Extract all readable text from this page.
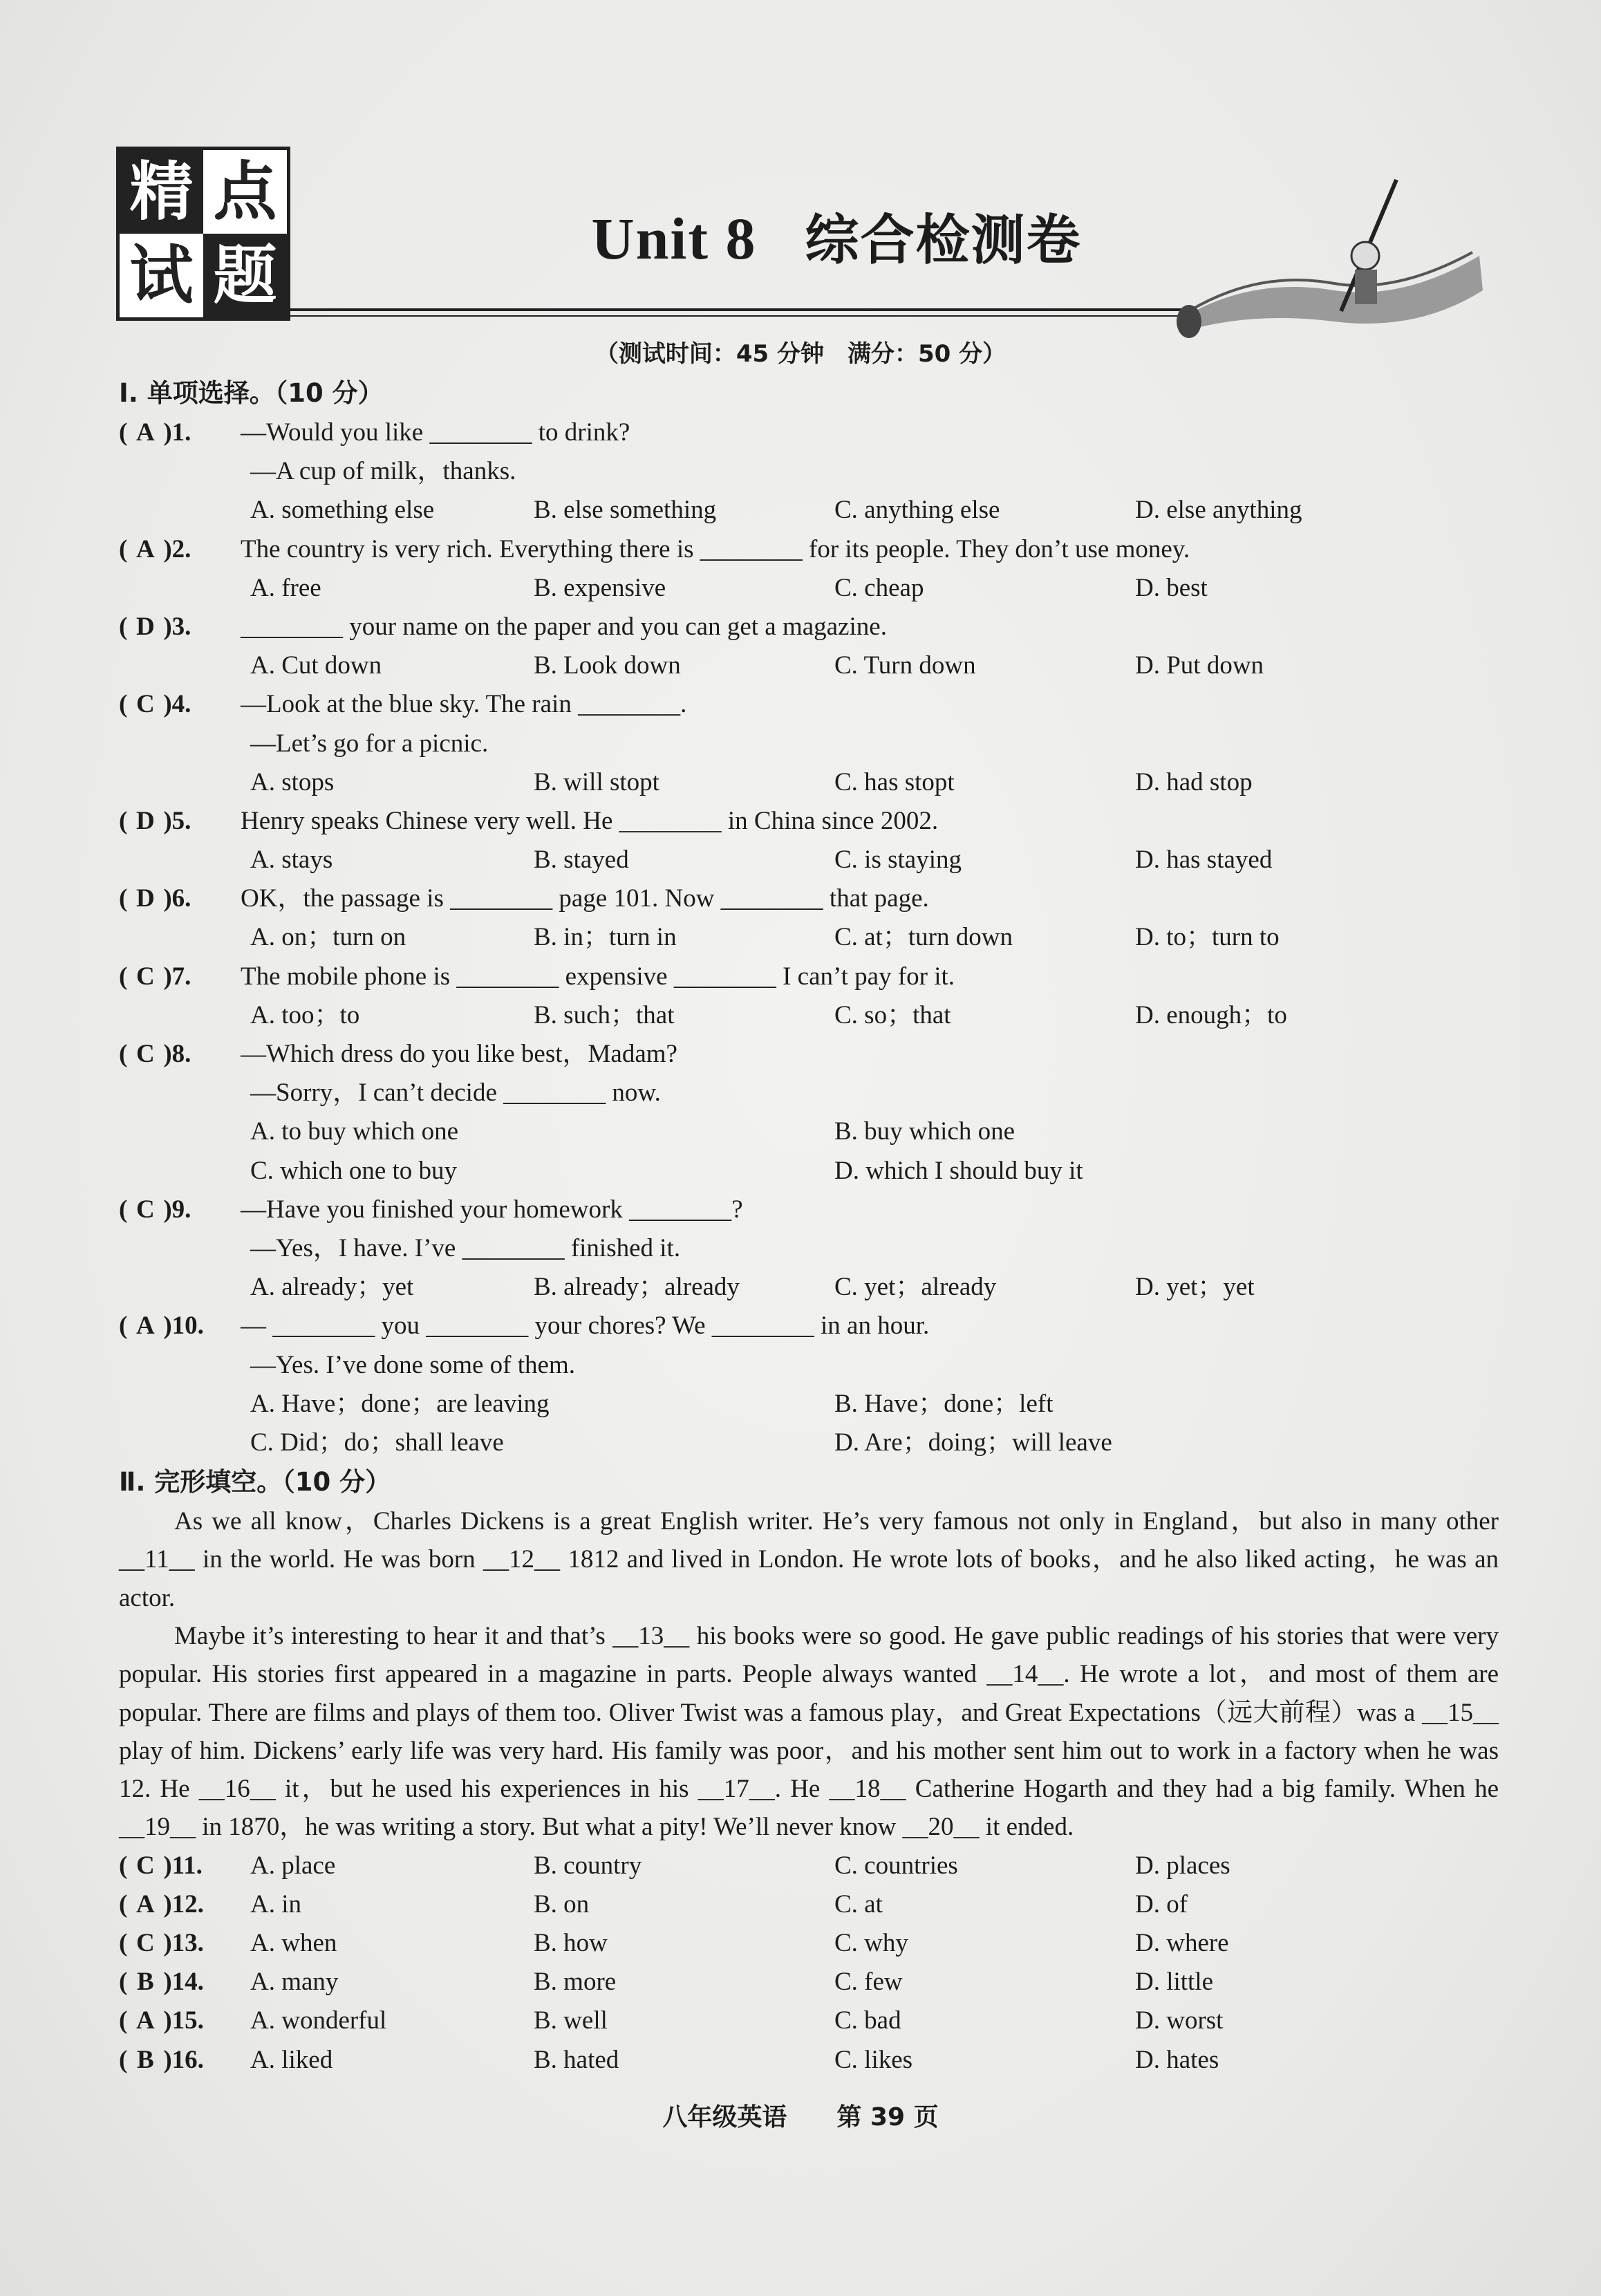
精 点
试 题	Unit 8 综合检测卷
（测试时间：45 分钟　满分：50 分）
Ⅰ. 单项选择。（10 分）
( A )1. —Would you like ________ to drink?
—A cup of milk，thanks.
A. something else	B. else something	C. anything else	D. else anything
( A )2. The country is very rich. Everything there is ________ for its people. They don’t use money.
A. free	B. expensive	C. cheap	D. best
( D )3. ________ your name on the paper and you can get a magazine.
A. Cut down	B. Look down	C. Turn down	D. Put down
( C )4. —Look at the blue sky. The rain ________.
—Let’s go for a picnic.
A. stops	B. will stopt	C. has stopt	D. had stop
( D )5. Henry speaks Chinese very well. He ________ in China since 2002.
A. stays	B. stayed	C. is staying	D. has stayed
( D )6. OK，the passage is ________ page 101. Now ________ that page.
A. on；turn on	B. in；turn in	C. at；turn down	D. to；turn to
( C )7. The mobile phone is ________ expensive ________ I can’t pay for it.
A. too；to	B. such；that	C. so；that	D. enough；to
( C )8. —Which dress do you like best，Madam?
—Sorry，I can’t decide ________ now.
A. to buy which one	B. buy which one
C. which one to buy	D. which I should buy it
( C )9. —Have you finished your homework ________?
—Yes，I have. I’ve ________ finished it.
A. already；yet	B. already；already	C. yet；already	D. yet；yet
( A )10. — ________ you ________ your chores? We ________ in an hour.
—Yes. I’ve done some of them.
A. Have；done；are leaving	B. Have；done；left
C. Did；do；shall leave	D. Are；doing；will leave
Ⅱ. 完形填空。（10 分）
As we all know，Charles Dickens is a great English writer. He’s very famous not only in England，but also in many other __11__ in the world. He was born __12__ 1812 and lived in London. He wrote lots of books，and he also liked acting，he was an actor.
Maybe it’s interesting to hear it and that’s __13__ his books were so good. He gave public readings of his stories that were very popular. His stories first appeared in a magazine in parts. People always wanted __14__. He wrote a lot，and most of them are popular. There are films and plays of them too. Oliver Twist was a famous play，and Great Expectations（远大前程）was a __15__ play of him. Dickens’ early life was very hard. His family was poor，and his mother sent him out to work in a factory when he was 12. He __16__ it，but he used his experiences in his __17__. He __18__ Catherine Hogarth and they had a big family. When he __19__ in 1870，he was writing a story. But what a pity! We’ll never know __20__ it ended.
( C )11. A. place	B. country	C. countries	D. places
( A )12. A. in	B. on	C. at	D. of
( C )13. A. when	B. how	C. why	D. where
( B )14. A. many	B. more	C. few	D. little
( A )15. A. wonderful	B. well	C. bad	D. worst
( B )16. A. liked	B. hated	C. likes	D. hates
八年级英语　　第 39 页
